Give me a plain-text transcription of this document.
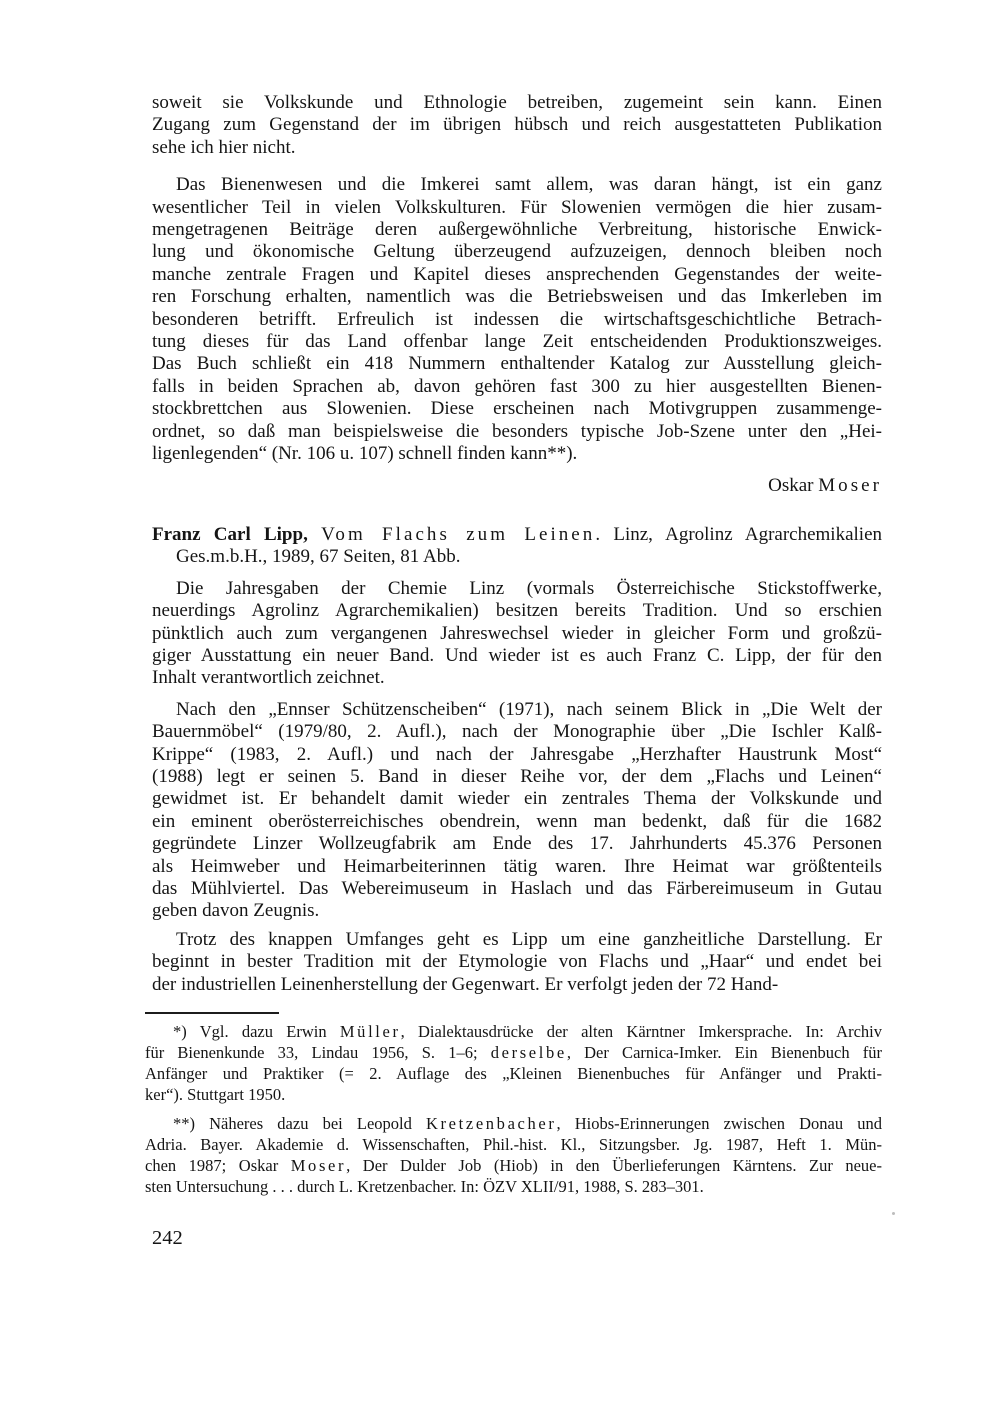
soweit sie Volkskunde und Ethnologie betreiben, zugemeint sein kann. Einen
Zugang zum Gegenstand der im übrigen hübsch und reich ausgestatteten Publikation
sehe ich hier nicht.
Das Bienenwesen und die Imkerei samt allem, was daran hängt, ist ein ganz
wesentlicher Teil in vielen Volkskulturen. Für Slowenien vermögen die hier zusam-
mengetragenen Beiträge deren außergewöhnliche Verbreitung, historische Enwick-
lung und ökonomische Geltung überzeugend aufzuzeigen, dennoch bleiben noch
manche zentrale Fragen und Kapitel dieses ansprechenden Gegenstandes der weite-
ren Forschung erhalten, namentlich was die Betriebsweisen und das Imkerleben im
besonderen betrifft. Erfreulich ist indessen die wirtschaftsgeschichtliche Betrach-
tung dieses für das Land offenbar lange Zeit entscheidenden Produktionszweiges.
Das Buch schließt ein 418 Nummern enthaltender Katalog zur Ausstellung gleich-
falls in beiden Sprachen ab, davon gehören fast 300 zu hier ausgestellten Bienen-
stockbrettchen aus Slowenien. Diese erscheinen nach Motivgruppen zusammenge-
ordnet, so daß man beispielsweise die besonders typische Job-Szene unter den „Hei-
ligenlegenden“ (Nr. 106 u. 107) schnell finden kann**).
Oskar Moser
Franz Carl Lipp, Vom Flachs zum Leinen. Linz, Agrolinz Agrarchemikalien
Ges.m.b.H., 1989, 67 Seiten, 81 Abb.
Die Jahresgaben der Chemie Linz (vormals Österreichische Stickstoffwerke,
neuerdings Agrolinz Agrarchemikalien) besitzen bereits Tradition. Und so erschien
pünktlich auch zum vergangenen Jahreswechsel wieder in gleicher Form und großzü-
giger Ausstattung ein neuer Band. Und wieder ist es auch Franz C. Lipp, der für den
Inhalt verantwortlich zeichnet.
Nach den „Ennser Schützenscheiben“ (1971), nach seinem Blick in „Die Welt der
Bauernmöbel“ (1979/80, 2. Aufl.), nach der Monographie über „Die Ischler Kalß-
Krippe“ (1983, 2. Aufl.) und nach der Jahresgabe „Herzhafter Haustrunk Most“
(1988) legt er seinen 5. Band in dieser Reihe vor, der dem „Flachs und Leinen“
gewidmet ist. Er behandelt damit wieder ein zentrales Thema der Volkskunde und
ein eminent oberösterreichisches obendrein, wenn man bedenkt, daß für die 1682
gegründete Linzer Wollzeugfabrik am Ende des 17. Jahrhunderts 45.376 Personen
als Heimweber und Heimarbeiterinnen tätig waren. Ihre Heimat war größtenteils
das Mühlviertel. Das Webereimuseum in Haslach und das Färbereimuseum in Gutau
geben davon Zeugnis.
Trotz des knappen Umfanges geht es Lipp um eine ganzheitliche Darstellung. Er
beginnt in bester Tradition mit der Etymologie von Flachs und „Haar“ und endet bei
der industriellen Leinenherstellung der Gegenwart. Er verfolgt jeden der 72 Hand-
*) Vgl. dazu Erwin Müller, Dialektausdrücke der alten Kärntner Imkersprache. In: Archiv
für Bienenkunde 33, Lindau 1956, S. 1–6; derselbe, Der Carnica-Imker. Ein Bienenbuch für
Anfänger und Praktiker (= 2. Auflage des „Kleinen Bienenbuches für Anfänger und Prakti-
ker“). Stuttgart 1950.
**) Näheres dazu bei Leopold Kretzenbacher, Hiobs-Erinnerungen zwischen Donau und
Adria. Bayer. Akademie d. Wissenschaften, Phil.-hist. Kl., Sitzungsber. Jg. 1987, Heft 1. Mün-
chen 1987; Oskar Moser, Der Dulder Job (Hiob) in den Überlieferungen Kärntens. Zur neue-
sten Untersuchung . . . durch L. Kretzenbacher. In: ÖZV XLII/91, 1988, S. 283–301.
242
